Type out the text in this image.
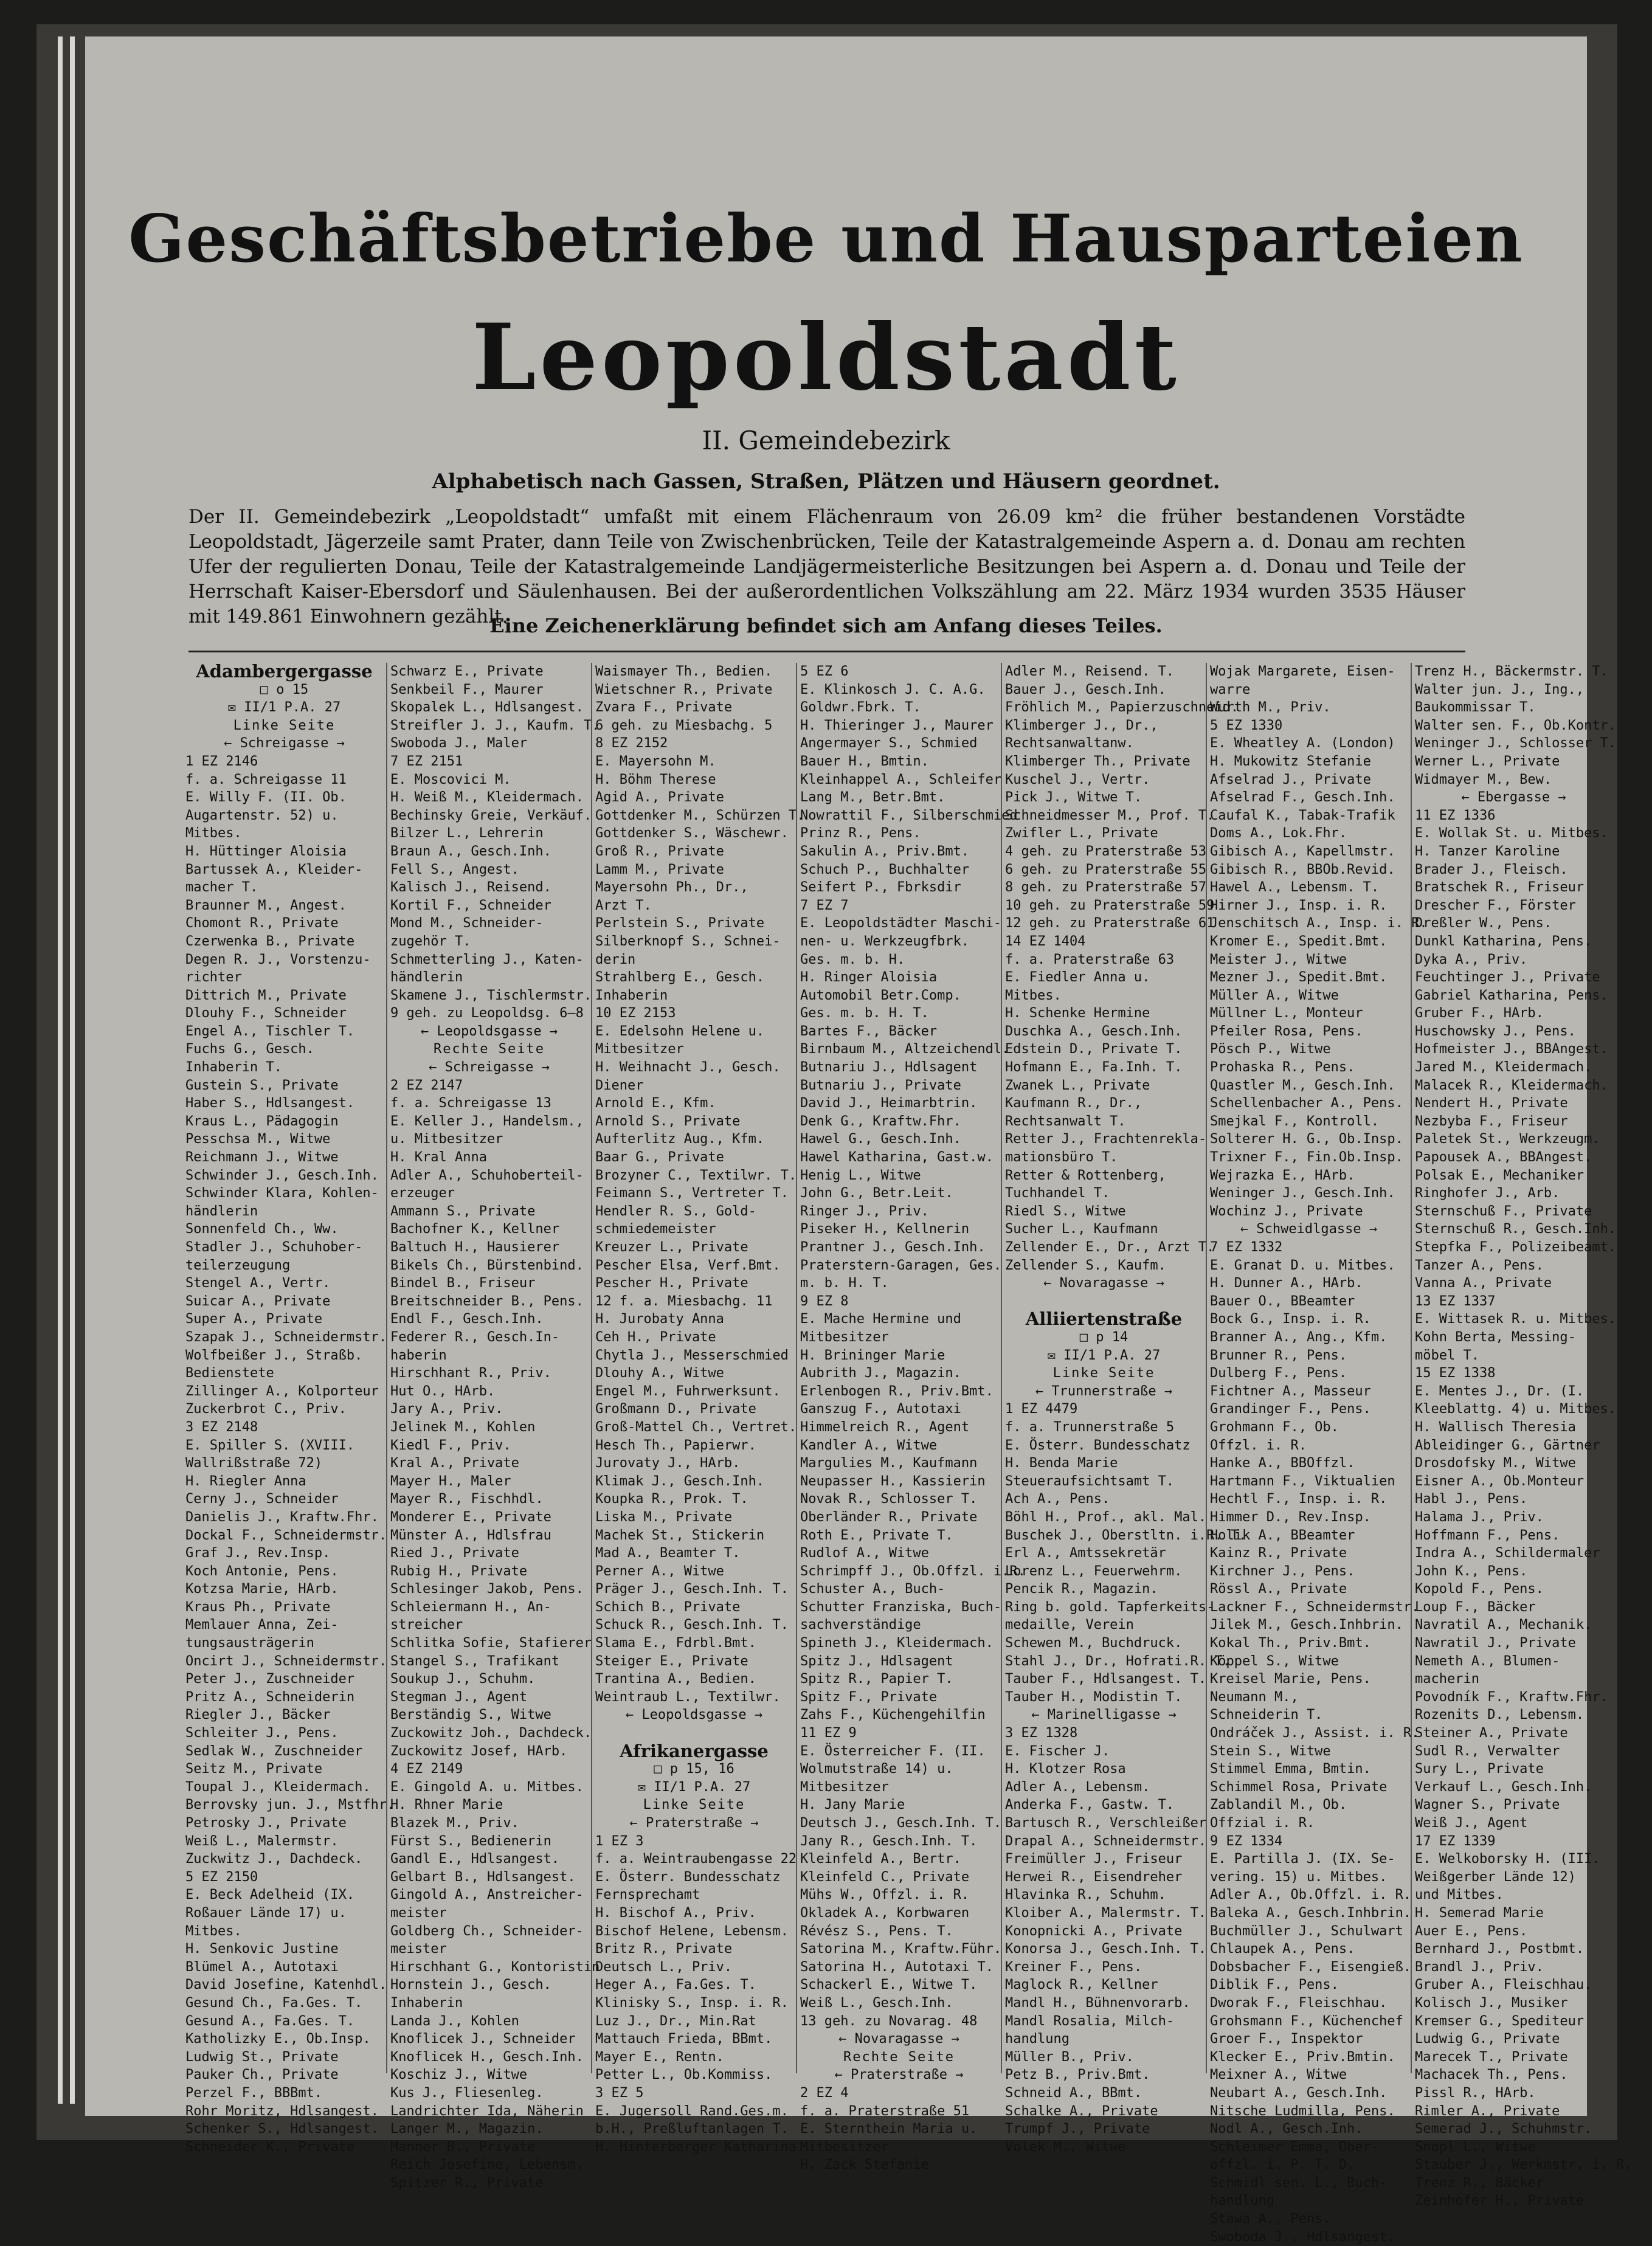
Geschäftsbetriebe und Hausparteien
Leopoldstadt
II. Gemeindebezirk
Alphabetisch nach Gassen, Straßen, Plätzen und Häusern geordnet.
Der II. Gemeindebezirk „Leopoldstadt“ umfaßt mit einem Flächenraum von 26.09 km² die früher bestandenen Vorstädte Leopoldstadt, Jägerzeile samt Prater, dann Teile von Zwischenbrücken, Teile der Katastralgemeinde Aspern a. d. Donau am rechten Ufer der regulierten Donau, Teile der Katastralgemeinde Landjägermeisterliche Besitzungen bei Aspern a. d. Donau und Teile der Herrschaft Kaiser-Ebersdorf und Säulenhausen. Bei der außerordentlichen Volkszählung am 22. März 1934 wurden 3535 Häuser mit 149.861 Einwohnern gezählt.
Eine Zeichenerklärung befindet sich am Anfang dieses Teiles.
Adambergergasse
□ o 15
✉ II/1 P.A. 27
Linke Seite
← Schreigasse →
1 EZ 2146
f. a. Schreigasse 11
E. Willy F. (II. Ob.
Augartenstr. 52) u.
Mitbes.
H. Hüttinger Aloisia
Bartussek A., Kleider-
macher T.
Braunner M., Angest.
Chomont R., Private
Czerwenka B., Private
Degen R. J., Vorstenzu-
richter
Dittrich M., Private
Dlouhy F., Schneider
Engel A., Tischler T.
Fuchs G., Gesch.
Inhaberin T.
Gustein S., Private
Haber S., Hdlsangest.
Kraus L., Pädagogin
Pesschsa M., Witwe
Reichmann J., Witwe
Schwinder J., Gesch.Inh.
Schwinder Klara, Kohlen-
händlerin
Sonnenfeld Ch., Ww.
Stadler J., Schuhober-
teilerzeugung
Stengel A., Vertr.
Suicar A., Private
Super A., Private
Szapak J., Schneidermstr.
Wolfbeißer J., Straßb.
Bedienstete
Zillinger A., Kolporteur
Zuckerbrot C., Priv.
3 EZ 2148
E. Spiller S. (XVIII.
Wallrißstraße 72)
H. Riegler Anna
Cerny J., Schneider
Danielis J., Kraftw.Fhr.
Dockal F., Schneidermstr.
Graf J., Rev.Insp.
Koch Antonie, Pens.
Kotzsa Marie, HArb.
Kraus Ph., Private
Memlauer Anna, Zei-
tungsausträgerin
Oncirt J., Schneidermstr.
Peter J., Zuschneider
Pritz A., Schneiderin
Riegler J., Bäcker
Schleiter J., Pens.
Sedlak W., Zuschneider
Seitz M., Private
Toupal J., Kleidermach.
Berrovsky jun. J., Mstfhr.
Petrosky J., Private
Weiß L., Malermstr.
Zuckwitz J., Dachdeck.
5 EZ 2150
E. Beck Adelheid (IX.
Roßauer Lände 17) u.
Mitbes.
H. Senkovic Justine
Blümel A., Autotaxi
David Josefine, Katenhdl.
Gesund Ch., Fa.Ges. T.
Gesund A., Fa.Ges. T.
Katholizky E., Ob.Insp.
Ludwig St., Private
Pauker Ch., Private
Perzel F., BBBmt.
Rohr Moritz, Hdlsangest.
Schenker S., Hdlsangest.
Schneider K., Private
Schwarz E., Private
Senkbeil F., Maurer
Skopalek L., Hdlsangest.
Streifler J. J., Kaufm. T.
Swoboda J., Maler
7 EZ 2151
E. Moscovici M.
H. Weiß M., Kleidermach.
Bechinsky Greie, Verkäuf.
Bilzer L., Lehrerin
Braun A., Gesch.Inh.
Fell S., Angest.
Kalisch J., Reisend.
Kortil F., Schneider
Mond M., Schneider-
zugehör T.
Schmetterling J., Katen-
händlerin
Skamene J., Tischlermstr.
9 geh. zu Leopoldsg. 6—8
← Leopoldsgasse →
Rechte Seite
← Schreigasse →
2 EZ 2147
f. a. Schreigasse 13
E. Keller J., Handelsm.,
u. Mitbesitzer
H. Kral Anna
Adler A., Schuhoberteil-
erzeuger
Ammann S., Private
Bachofner K., Kellner
Baltuch H., Hausierer
Bikels Ch., Bürstenbind.
Bindel B., Friseur
Breitschneider B., Pens.
Endl F., Gesch.Inh.
Federer R., Gesch.In-
haberin
Hirschhant R., Priv.
Hut O., HArb.
Jary A., Priv.
Jelinek M., Kohlen
Kiedl F., Priv.
Kral A., Private
Mayer H., Maler
Mayer R., Fischhdl.
Monderer E., Private
Münster A., Hdlsfrau
Ried J., Private
Rubig H., Private
Schlesinger Jakob, Pens.
Schleiermann H., An-
streicher
Schlitka Sofie, Stafierer
Stangel S., Trafikant
Soukup J., Schuhm.
Stegman J., Agent
Berständig S., Witwe
Zuckowitz Joh., Dachdeck.
Zuckowitz Josef, HArb.
4 EZ 2149
E. Gingold A. u. Mitbes.
H. Rhner Marie
Blazek M., Priv.
Fürst S., Bedienerin
Gandl E., Hdlsangest.
Gelbart B., Hdlsangest.
Gingold A., Anstreicher-
meister
Goldberg Ch., Schneider-
meister
Hirschhant G., Kontoristin
Hornstein J., Gesch.
Inhaberin
Landa J., Kohlen
Knoflicek J., Schneider
Knoflicek H., Gesch.Inh.
Koschiz J., Witwe
Kus J., Fliesenleg.
Landrichter Ida, Näherin
Langer M., Magazin.
Manner B., Private
Reich Josefine, Lebensm.
Spitzer R., Private
Waismayer Th., Bedien.
Wietschner R., Private
Zvara F., Private
6 geh. zu Miesbachg. 5
8 EZ 2152
E. Mayersohn M.
H. Böhm Therese
Agid A., Private
Gottdenker M., Schürzen T.
Gottdenker S., Wäschewr.
Groß R., Private
Lamm M., Private
Mayersohn Ph., Dr.,
Arzt T.
Perlstein S., Private
Silberknopf S., Schnei-
derin
Strahlberg E., Gesch.
Inhaberin
10 EZ 2153
E. Edelsohn Helene u.
Mitbesitzer
H. Weihnacht J., Gesch.
Diener
Arnold E., Kfm.
Arnold S., Private
Aufterlitz Aug., Kfm.
Baar G., Private
Brozyner C., Textilwr. T.
Feimann S., Vertreter T.
Hendler R. S., Gold-
schmiedemeister
Kreuzer L., Private
Pescher Elsa, Verf.Bmt.
Pescher H., Private
12 f. a. Miesbachg. 11
H. Jurobaty Anna
Ceh H., Private
Chytla J., Messerschmied
Dlouhy A., Witwe
Engel M., Fuhrwerksunt.
Großmann D., Private
Groß-Mattel Ch., Vertret.
Hesch Th., Papierwr.
Jurovaty J., HArb.
Klimak J., Gesch.Inh.
Koupka R., Prok. T.
Liska M., Private
Machek St., Stickerin
Mad A., Beamter T.
Perner A., Witwe
Präger J., Gesch.Inh. T.
Schich B., Private
Schuck R., Gesch.Inh. T.
Slama E., Fdrbl.Bmt.
Steiger E., Private
Trantina A., Bedien.
Weintraub L., Textilwr.
← Leopoldsgasse →

Afrikanergasse
□ p 15, 16
✉ II/1 P.A. 27
Linke Seite
← Praterstraße →
1 EZ 3
f. a. Weintraubengasse 22
E. Österr. Bundesschatz
Fernsprechamt
H. Bischof A., Priv.
Bischof Helene, Lebensm.
Britz R., Private
Deutsch L., Priv.
Heger A., Fa.Ges. T.
Klinisky S., Insp. i. R.
Luz J., Dr., Min.Rat
Mattauch Frieda, BBmt.
Mayer E., Rentn.
Petter L., Ob.Kommiss.
3 EZ 5
E. Jugersoll Rand.Ges.m.
b.H., Preßluftanlagen T.
H. Hinterberger Katharina
5 EZ 6
E. Klinkosch J. C. A.G.
Goldwr.Fbrk. T.
H. Thieringer J., Maurer
Angermayer S., Schmied
Bauer H., Bmtin.
Kleinhappel A., Schleifer
Lang M., Betr.Bmt.
Nowrattil F., Silberschmied
Prinz R., Pens.
Sakulin A., Priv.Bmt.
Schuch P., Buchhalter
Seifert P., Fbrksdir
7 EZ 7
E. Leopoldstädter Maschi-
nen- u. Werkzeugfbrk.
Ges. m. b. H.
H. Ringer Aloisia
Automobil Betr.Comp.
Ges. m. b. H. T.
Bartes F., Bäcker
Birnbaum M., Altzeichendl.
Butnariu J., Hdlsagent
Butnariu J., Private
David J., Heimarbtrin.
Denk G., Kraftw.Fhr.
Hawel G., Gesch.Inh.
Hawel Katharina, Gast.w.
Henig L., Witwe
John G., Betr.Leit.
Ringer J., Priv.
Piseker H., Kellnerin
Prantner J., Gesch.Inh.
Praterstern-Garagen, Ges.
m. b. H. T.
9 EZ 8
E. Mache Hermine und
Mitbesitzer
H. Brininger Marie
Aubrith J., Magazin.
Erlenbogen R., Priv.Bmt.
Ganszug F., Autotaxi
Himmelreich R., Agent
Kandler A., Witwe
Margulies M., Kaufmann
Neupasser H., Kassierin
Novak R., Schlosser T.
Oberländer R., Private
Roth E., Private T.
Rudlof A., Witwe
Schrimpff J., Ob.Offzl. i.R.
Schuster A., Buch-
Schutter Franziska, Buch-
sachverständige
Spineth J., Kleidermach.
Spitz J., Hdlsagent
Spitz R., Papier T.
Spitz F., Private
Zahs F., Küchengehilfin
11 EZ 9
E. Österreicher F. (II.
Wolmutstraße 14) u.
Mitbesitzer
H. Jany Marie
Deutsch J., Gesch.Inh. T.
Jany R., Gesch.Inh. T.
Kleinfeld A., Bertr.
Kleinfeld C., Private
Mühs W., Offzl. i. R.
Okladek A., Korbwaren
Révész S., Pens. T.
Satorina M., Kraftw.Führ.
Satorina H., Autotaxi T.
Schackerl E., Witwe T.
Weiß L., Gesch.Inh.
13 geh. zu Novarag. 48
← Novaragasse →
Rechte Seite
← Praterstraße →
2 EZ 4
f. a. Praterstraße 51
E. Sternthein Maria u.
Mitbesitzer
H. Zack Stefanie
Adler M., Reisend. T.
Bauer J., Gesch.Inh.
Fröhlich M., Papierzuschneid.
Klimberger J., Dr.,
Rechtsanwaltanw.
Klimberger Th., Private
Kuschel J., Vertr.
Pick J., Witwe T.
Schneidmesser M., Prof. T.
Zwifler L., Private
4 geh. zu Praterstraße 53
6 geh. zu Praterstraße 55
8 geh. zu Praterstraße 57
10 geh. zu Praterstraße 59
12 geh. zu Praterstraße 61
14 EZ 1404
f. a. Praterstraße 63
E. Fiedler Anna u.
Mitbes.
H. Schenke Hermine
Duschka A., Gesch.Inh.
Edstein D., Private T.
Hofmann E., Fa.Inh. T.
Zwanek L., Private
Kaufmann R., Dr.,
Rechtsanwalt T.
Retter J., Frachtenrekla-
mationsbüro T.
Retter & Rottenberg,
Tuchhandel T.
Riedl S., Witwe
Sucher L., Kaufmann
Zellender E., Dr., Arzt T.
Zellender S., Kaufm.
← Novaragasse →

Alliiertenstraße
□ p 14
✉ II/1 P.A. 27
Linke Seite
← Trunnerstraße →
1 EZ 4479
f. a. Trunnerstraße 5
E. Österr. Bundesschatz
H. Benda Marie
Steueraufsichtsamt T.
Ach A., Pens.
Böhl H., Prof., akl. Mal.
Buschek J., Oberstltn. i.R. T.
Erl A., Amtssekretär
Lorenz L., Feuerwehrm.
Pencik R., Magazin.
Ring b. gold. Tapferkeits-
medaille, Verein
Schewen M., Buchdruck.
Stahl J., Dr., Hofrati.R. T.
Tauber F., Hdlsangest. T.
Tauber H., Modistin T.
← Marinelligasse →
3 EZ 1328
E. Fischer J.
H. Klotzer Rosa
Adler A., Lebensm.
Anderka F., Gastw. T.
Bartusch R., Verschleißer
Drapal A., Schneidermstr.
Freimüller J., Friseur
Herwei R., Eisendreher
Hlavinka R., Schuhm.
Kloiber A., Malermstr. T.
Konopnicki A., Private
Konorsa J., Gesch.Inh. T.
Kreiner F., Pens.
Maglock R., Kellner
Mandl H., Bühnenvorarb.
Mandl Rosalia, Milch-
handlung
Müller B., Priv.
Petz B., Priv.Bmt.
Schneid A., BBmt.
Schalke A., Private
Trumpf J., Private
Volek M., Witwe
Wojak Margarete, Eisen-
warre
Wurth M., Priv.
5 EZ 1330
E. Wheatley A. (London)
H. Mukowitz Stefanie
Afselrad J., Private
Afselrad F., Gesch.Inh.
Caufal K., Tabak-Trafik
Doms A., Lok.Fhr.
Gibisch A., Kapellmstr.
Gibisch R., BBOb.Revid.
Hawel A., Lebensm. T.
Hirner J., Insp. i. R.
Jenschitsch A., Insp. i. R.
Kromer E., Spedit.Bmt.
Meister J., Witwe
Mezner J., Spedit.Bmt.
Müller A., Witwe
Müllner L., Monteur
Pfeiler Rosa, Pens.
Pösch P., Witwe
Prohaska R., Pens.
Quastler M., Gesch.Inh.
Schellenbacher A., Pens.
Smejkal F., Kontroll.
Solterer H. G., Ob.Insp.
Trixner F., Fin.Ob.Insp.
Wejrazka E., HArb.
Weninger J., Gesch.Inh.
Wochinz J., Private
← Schweidlgasse →
7 EZ 1332
E. Granat D. u. Mitbes.
H. Dunner A., HArb.
Bauer O., BBeamter
Bock G., Insp. i. R.
Branner A., Ang., Kfm.
Brunner R., Pens.
Dulberg F., Pens.
Fichtner A., Masseur
Grandinger F., Pens.
Grohmann F., Ob.
Offzl. i. R.
Hanke A., BBOffzl.
Hartmann F., Viktualien
Hechtl F., Insp. i. R.
Himmer D., Rev.Insp.
Holik A., BBeamter
Kainz R., Private
Kirchner J., Pens.
Rössl A., Private
Lackner F., Schneidermstr.
Jilek M., Gesch.Inhbrin.
Kokal Th., Priv.Bmt.
Köppel S., Witwe
Kreisel Marie, Pens.
Neumann M.,
Schneiderin T.
Ondráček J., Assist. i. R.
Stein S., Witwe
Stimmel Emma, Bmtin.
Schimmel Rosa, Private
Zablandil M., Ob.
Offzial i. R.
9 EZ 1334
E. Partilla J. (IX. Se-
vering. 15) u. Mitbes.
Adler A., Ob.Offzl. i. R.
Baleka A., Gesch.Inhbrin.
Buchmüller J., Schulwart
Chlaupek A., Pens.
Dobsbacher F., Eisengieß.
Diblik F., Pens.
Dworak F., Fleischhau.
Grohsmann F., Küchenchef
Groer F., Inspektor
Klecker E., Priv.Bmtin.
Meixner A., Witwe
Neubart A., Gesch.Inh.
Nitsche Ludmilla, Pens.
Nodl A., Gesch.Inh.
Schleimer Emma, Ober-
offzl. i. P. T. D.
Schmidl sen. L., Buch-
handlung
Stawa A., Pens.
Swoboda J., Hdlsangest.
Trenz H., Bäckermstr. T.
Walter jun. J., Ing.,
Baukommissar T.
Walter sen. F., Ob.Kontr.
Weninger J., Schlosser T.
Werner L., Private
Widmayer M., Bew.
← Ebergasse →
11 EZ 1336
E. Wollak St. u. Mitbes.
H. Tanzer Karoline
Brader J., Fleisch.
Bratschek R., Friseur
Drescher F., Förster
Dreßler W., Pens.
Dunkl Katharina, Pens.
Dyka A., Priv.
Feuchtinger J., Private
Gabriel Katharina, Pens.
Gruber F., HArb.
Huschowsky J., Pens.
Hofmeister J., BBAngest.
Jared M., Kleidermach.
Malacek R., Kleidermach.
Nendert H., Private
Nezbyba F., Friseur
Paletek St., Werkzeugm.
Papousek A., BBAngest.
Polsak E., Mechaniker
Ringhofer J., Arb.
Sternschuß F., Private
Sternschuß R., Gesch.Inh.
Stepfka F., Polizeibeamt.
Tanzer A., Pens.
Vanna A., Private
13 EZ 1337
E. Wittasek R. u. Mitbes.
Kohn Berta, Messing-
möbel T.
15 EZ 1338
E. Mentes J., Dr. (I.
Kleeblattg. 4) u. Mitbes.
H. Wallisch Theresia
Ableidinger G., Gärtner
Drosdofsky M., Witwe
Eisner A., Ob.Monteur
Habl J., Pens.
Halama J., Priv.
Hoffmann F., Pens.
Indra A., Schildermaler
John K., Pens.
Kopold F., Pens.
Loup F., Bäcker
Navratil A., Mechanik.
Nawratil J., Private
Nemeth A., Blumen-
macherin
Povodník F., Kraftw.Fhr.
Rozenits D., Lebensm.
Steiner A., Private
Sudl R., Verwalter
Sury L., Private
Verkauf L., Gesch.Inh.
Wagner S., Private
Weiß J., Agent
17 EZ 1339
E. Welkoborsky H. (III.
Weißgerber Lände 12)
und Mitbes.
H. Semerad Marie
Auer E., Pens.
Bernhard J., Postbmt.
Brandl J., Priv.
Gruber A., Fleischhau.
Kolisch J., Musiker
Kremser G., Spediteur
Ludwig G., Private
Marecek T., Private
Machacek Th., Pens.
Pissl R., HArb.
Rimler A., Private
Semerad J., Schuhmstr.
Snopl L., Witwe
Stauber J., Werkmstr. i. R.
Trenz R., Bäcker
Zeinhofer H., Private
